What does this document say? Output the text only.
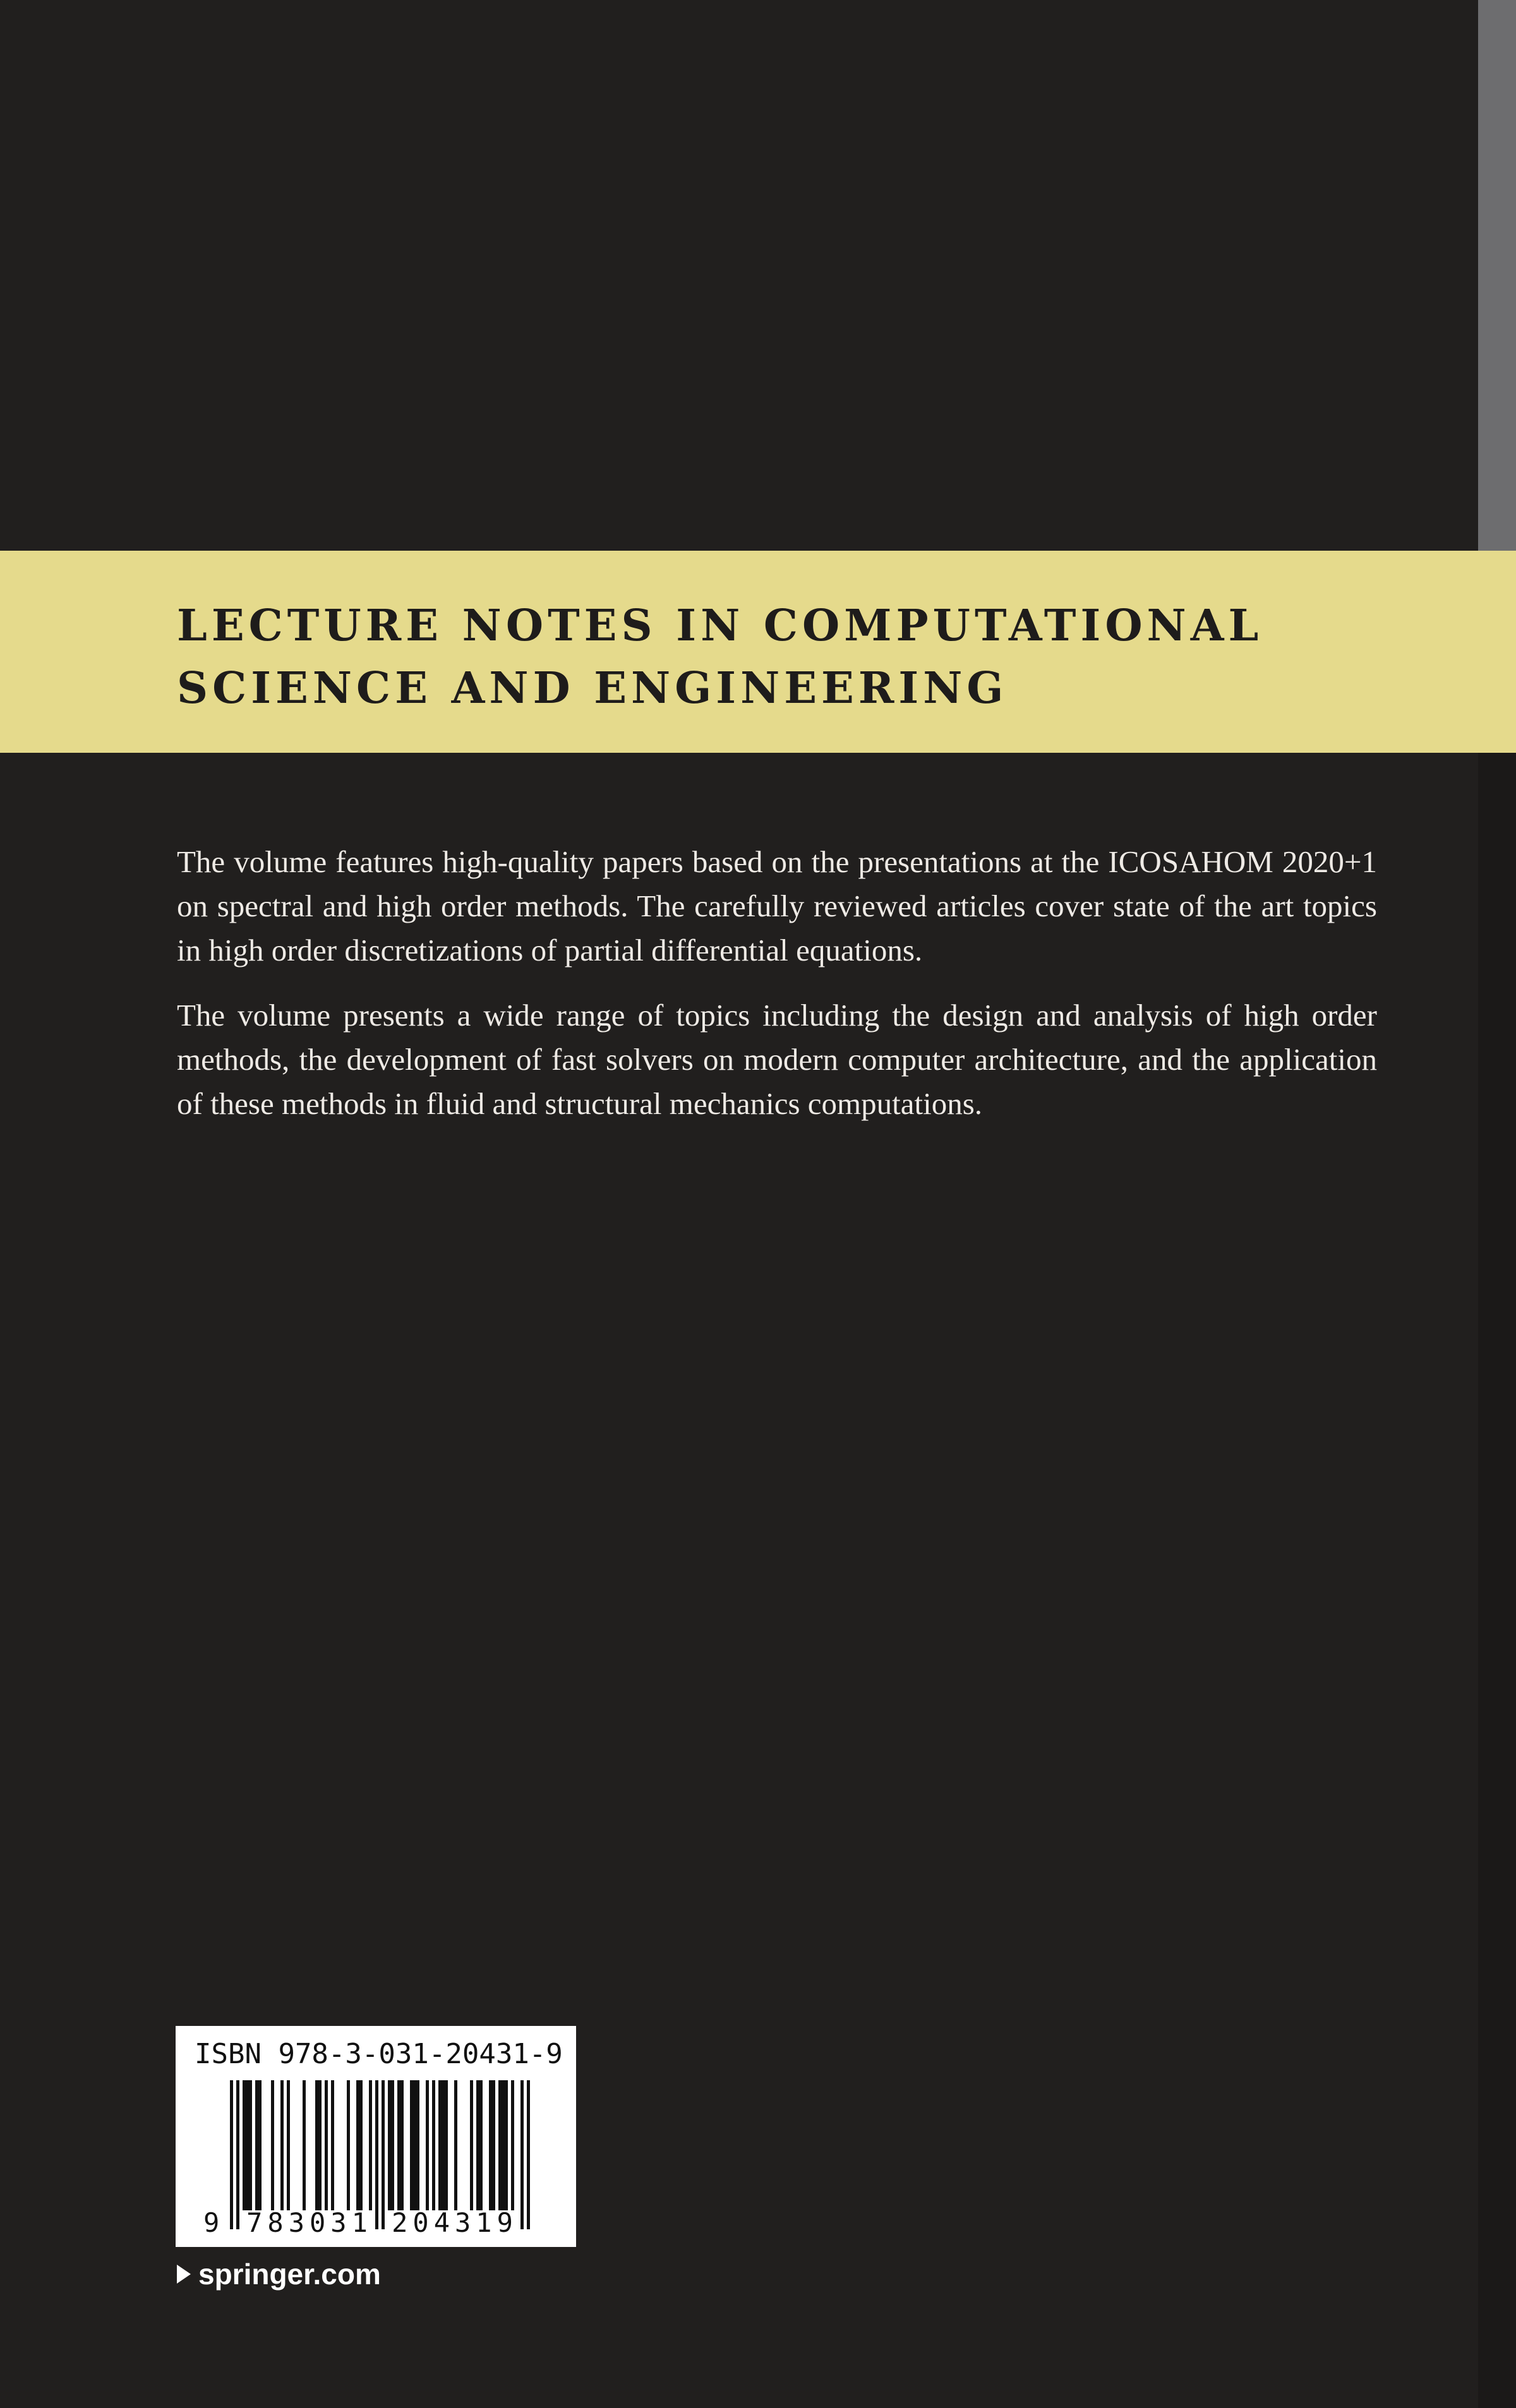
LECTURE NOTES IN COMPUTATIONAL
SCIENCE AND ENGINEERING

The volume features high-quality papers based on the presentations at the ICOSAHOM 2020+1 on spectral and high order methods. The carefully reviewed articles cover state of the art topics in high order discretizations of partial differential equations.

The volume presents a wide range of topics including the design and analysis of high order methods, the development of fast solvers on modern computer architecture, and the application of these methods in fluid and structural mechanics computations.

ISBN 978-3-031-20431-9
9 783031 204319
springer.com
